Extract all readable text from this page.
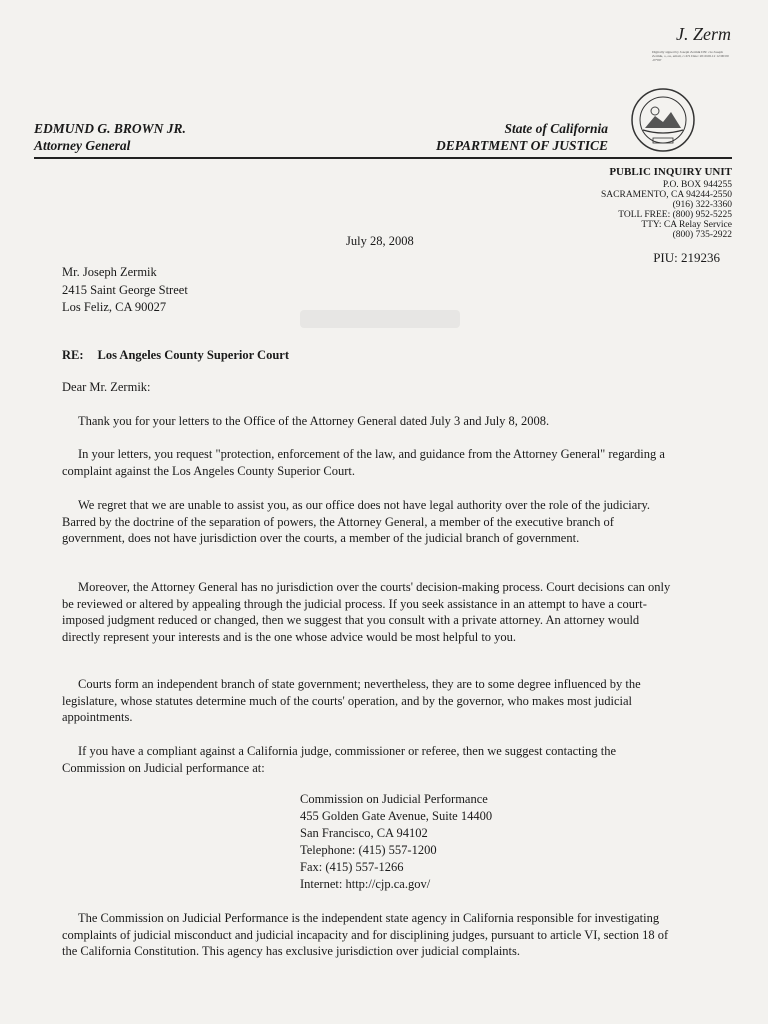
J. Zerm
Digitally signed by Joseph Zermik DN: cn=Joseph Zermik, o, ou, email, c=US Date: 2010.06.12 12:00:00 -07'00'
EDMUND G. BROWN JR.
Attorney General
State of California
DEPARTMENT OF JUSTICE
PUBLIC INQUIRY UNIT
P.O. BOX 944255
SACRAMENTO, CA 94244-2550
(916) 322-3360
TOLL FREE: (800) 952-5225
TTY: CA Relay Service
(800) 735-2922
July 28, 2008
PIU: 219236
Mr. Joseph Zermik
2415 Saint George Street
Los Feliz, CA 90027
RE: Los Angeles County Superior Court
Dear Mr. Zermik:

Thank you for your letters to the Office of the Attorney General dated July 3 and July 8, 2008.

In your letters, you request "protection, enforcement of the law, and guidance from the Attorney General" regarding a complaint against the Los Angeles County Superior Court.

We regret that we are unable to assist you, as our office does not have legal authority over the role of the judiciary. Barred by the doctrine of the separation of powers, the Attorney General, a member of the executive branch of government, does not have jurisdiction over the courts, a member of the judicial branch of government.

Moreover, the Attorney General has no jurisdiction over the courts' decision-making process. Court decisions can only be reviewed or altered by appealing through the judicial process. If you seek assistance in an attempt to have a court-imposed judgment reduced or changed, then we suggest that you consult with a private attorney. An attorney would directly represent your interests and is the one whose advice would be most helpful to you.

Courts form an independent branch of state government; nevertheless, they are to some degree influenced by the legislature, whose statutes determine much of the courts' operation, and by the governor, who makes most judicial appointments.

If you have a compliant against a California judge, commissioner or referee, then we suggest contacting the Commission on Judicial performance at:

Commission on Judicial Performance
455 Golden Gate Avenue, Suite 14400
San Francisco, CA 94102
Telephone: (415) 557-1200
Fax: (415) 557-1266
Internet: http://cjp.ca.gov/

The Commission on Judicial Performance is the independent state agency in California responsible for investigating complaints of judicial misconduct and judicial incapacity and for disciplining judges, pursuant to article VI, section 18 of the California Constitution. This agency has exclusive jurisdiction over judicial complaints.
